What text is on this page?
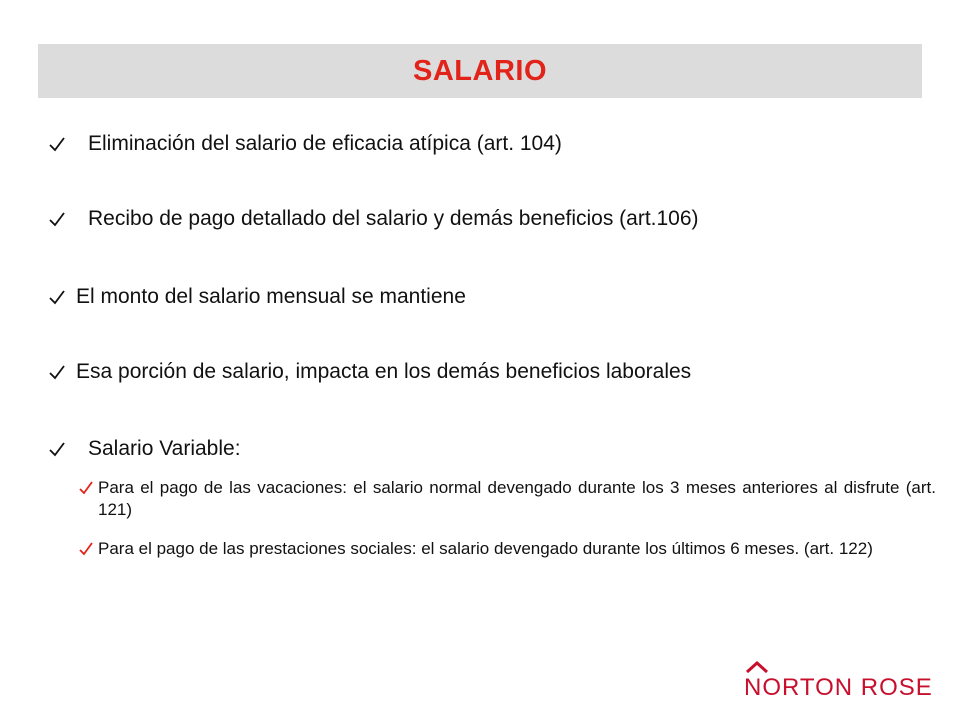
SALARIO
Eliminación del salario de eficacia atípica (art. 104)
Recibo de pago detallado del salario y demás beneficios (art.106)
El monto del salario mensual se mantiene
Esa porción de salario, impacta en los demás beneficios laborales
Salario Variable:
Para el pago de las vacaciones: el salario normal devengado durante los 3 meses anteriores al disfrute (art. 121)
Para el pago de las prestaciones sociales: el salario devengado durante los últimos 6 meses. (art. 122)
NORTON ROSE
